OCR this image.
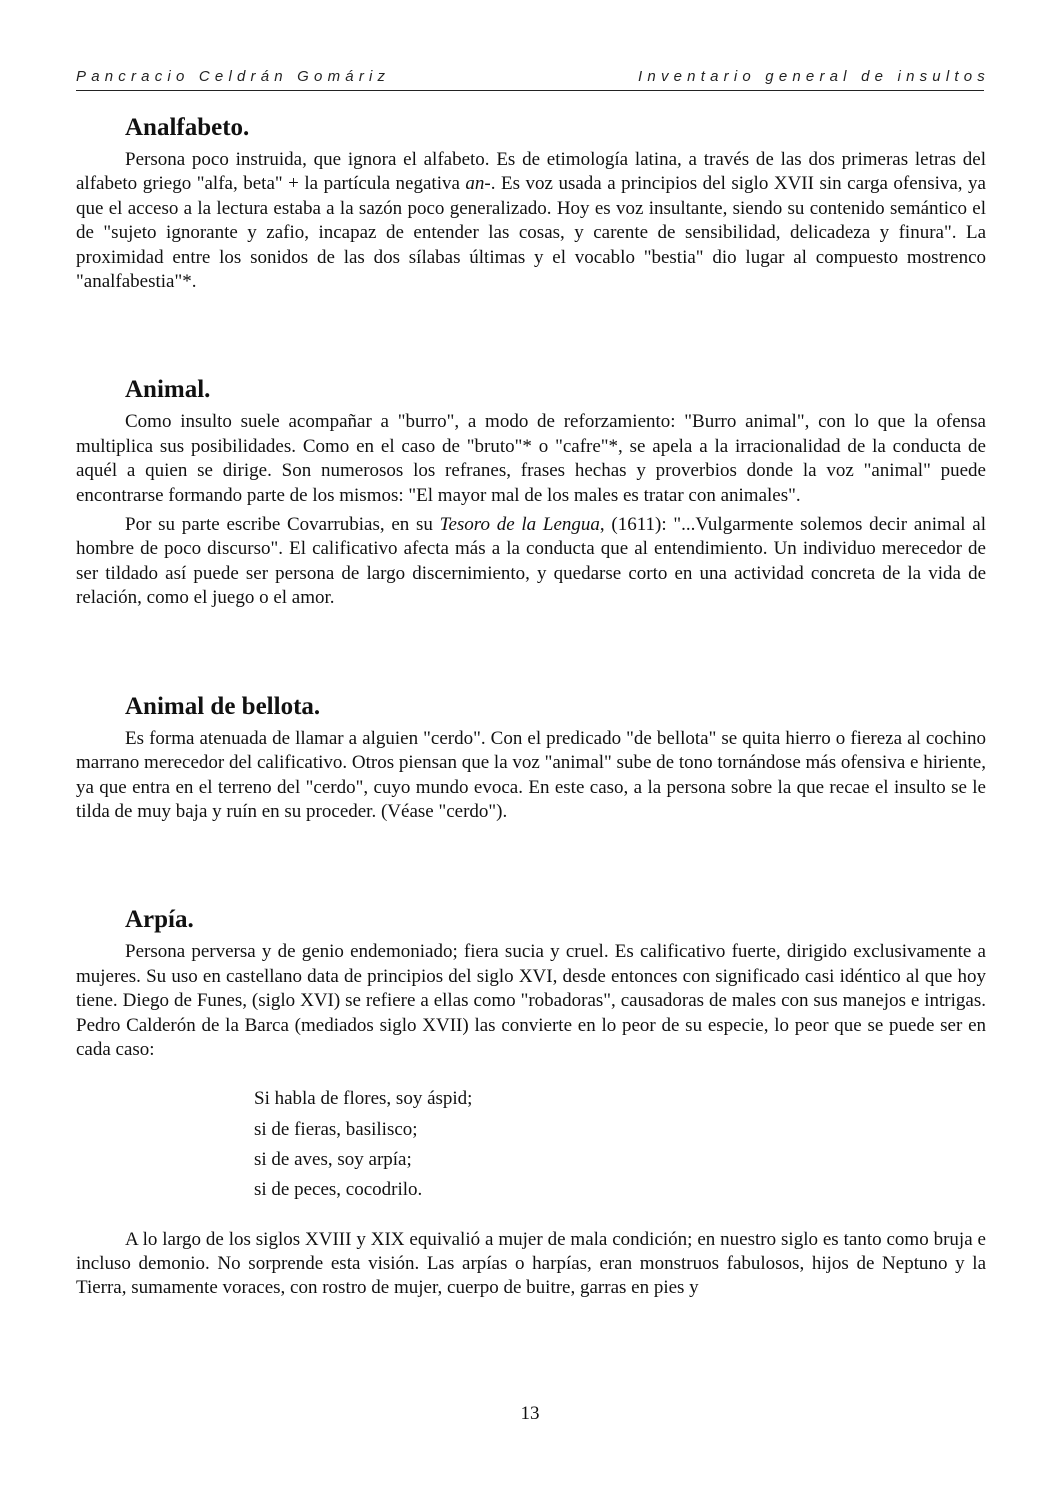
Pancracio Celdrán Gomáriz	Inventario general de insultos
Analfabeto.

Persona poco instruida, que ignora el alfabeto. Es de etimología latina, a través de las dos primeras letras del alfabeto griego "alfa, beta" + la partícula negativa an-. Es voz usada a principios del siglo XVII sin carga ofensiva, ya que el acceso a la lectura estaba a la sazón poco generalizado. Hoy es voz insultante, siendo su contenido semántico el de "sujeto ignorante y zafio, incapaz de entender las cosas, y carente de sensibilidad, delicadeza y finura". La proximidad entre los sonidos de las dos sílabas últimas y el vocablo "bestia" dio lugar al compuesto mostrenco "analfabestia"*.

Animal.

Como insulto suele acompañar a "burro", a modo de reforzamiento: "Burro animal", con lo que la ofensa multiplica sus posibilidades. Como en el caso de "bruto"* o "cafre"*, se apela a la irracionalidad de la conducta de aquél a quien se dirige. Son numerosos los refranes, frases hechas y proverbios donde la voz "animal" puede encontrarse formando parte de los mismos: "El mayor mal de los males es tratar con animales".

Por su parte escribe Covarrubias, en su Tesoro de la Lengua, (1611): "...Vulgarmente solemos decir animal al hombre de poco discurso". El calificativo afecta más a la conducta que al entendimiento. Un individuo merecedor de ser tildado así puede ser persona de largo discernimiento, y quedarse corto en una actividad concreta de la vida de relación, como el juego o el amor.

Animal de bellota.

Es forma atenuada de llamar a alguien "cerdo". Con el predicado "de bellota" se quita hierro o fiereza al cochino marrano merecedor del calificativo. Otros piensan que la voz "animal" sube de tono tornándose más ofensiva e hiriente, ya que entra en el terreno del "cerdo", cuyo mundo evoca. En este caso, a la persona sobre la que recae el insulto se le tilda de muy baja y ruín en su proceder. (Véase "cerdo").

Arpía.

Persona perversa y de genio endemoniado; fiera sucia y cruel. Es calificativo fuerte, dirigido exclusivamente a mujeres. Su uso en castellano data de principios del siglo XVI, desde entonces con significado casi idéntico al que hoy tiene. Diego de Funes, (siglo XVI) se refiere a ellas como "robadoras", causadoras de males con sus manejos e intrigas. Pedro Calderón de la Barca (mediados siglo XVII) las convierte en lo peor de su especie, lo peor que se puede ser en cada caso:

Si habla de flores, soy áspid;
si de fieras, basilisco;
si de aves, soy arpía;
si de peces, cocodrilo.

A lo largo de los siglos XVIII y XIX equivalió a mujer de mala condición; en nuestro siglo es tanto como bruja e incluso demonio. No sorprende esta visión. Las arpías o harpías, eran monstruos fabulosos, hijos de Neptuno y la Tierra, sumamente voraces, con rostro de mujer, cuerpo de buitre, garras en pies y

13
